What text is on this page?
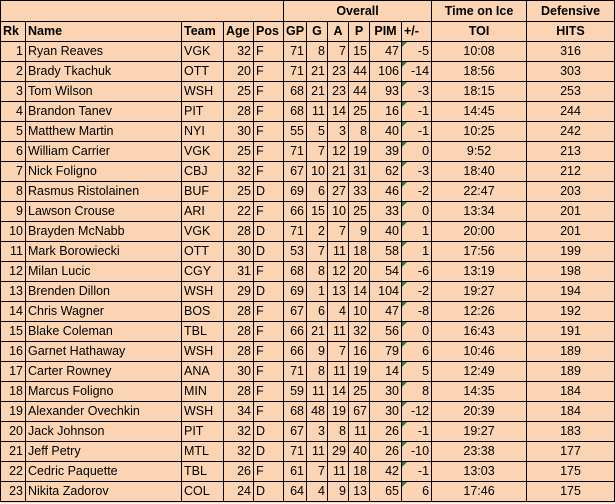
					Overall						Time on Ice	Defensive
Rk	Name	Team	Age	Pos	GP	G	A	P	PIM	+/-	TOI	HITS
1	Ryan Reaves	VGK	32	F	71	8	7	15	47	-5	10:08	316
2	Brady Tkachuk	OTT	20	F	71	21	23	44	106	-14	18:56	303
3	Tom Wilson	WSH	25	F	68	21	23	44	93	-3	18:15	253
4	Brandon Tanev	PIT	28	F	68	11	14	25	16	-1	14:45	244
5	Matthew Martin	NYI	30	F	55	5	3	8	40	-1	10:25	242
6	William Carrier	VGK	25	F	71	7	12	19	39	0	9:52	213
7	Nick Foligno	CBJ	32	F	67	10	21	31	62	-3	18:40	212
8	Rasmus Ristolainen	BUF	25	D	69	6	27	33	46	-2	22:47	203
9	Lawson Crouse	ARI	22	F	66	15	10	25	33	0	13:34	201
10	Brayden McNabb	VGK	28	D	71	2	7	9	40	1	20:00	201
11	Mark Borowiecki	OTT	30	D	53	7	11	18	58	1	17:56	199
12	Milan Lucic	CGY	31	F	68	8	12	20	54	-6	13:19	198
13	Brenden Dillon	WSH	29	D	69	1	13	14	104	-2	19:27	194
14	Chris Wagner	BOS	28	F	67	6	4	10	47	-8	12:26	192
15	Blake Coleman	TBL	28	F	66	21	11	32	56	0	16:43	191
16	Garnet Hathaway	WSH	28	F	66	9	7	16	79	6	10:46	189
17	Carter Rowney	ANA	30	F	71	8	11	19	14	5	12:49	189
18	Marcus Foligno	MIN	28	F	59	11	14	25	30	8	14:35	184
19	Alexander Ovechkin	WSH	34	F	68	48	19	67	30	-12	20:39	184
20	Jack Johnson	PIT	32	D	67	3	8	11	26	-1	19:27	183
21	Jeff Petry	MTL	32	D	71	11	29	40	26	-10	23:38	177
22	Cedric Paquette	TBL	26	F	61	7	11	18	42	-1	13:03	175
23	Nikita Zadorov	COL	24	D	64	4	9	13	65	6	17:46	175
